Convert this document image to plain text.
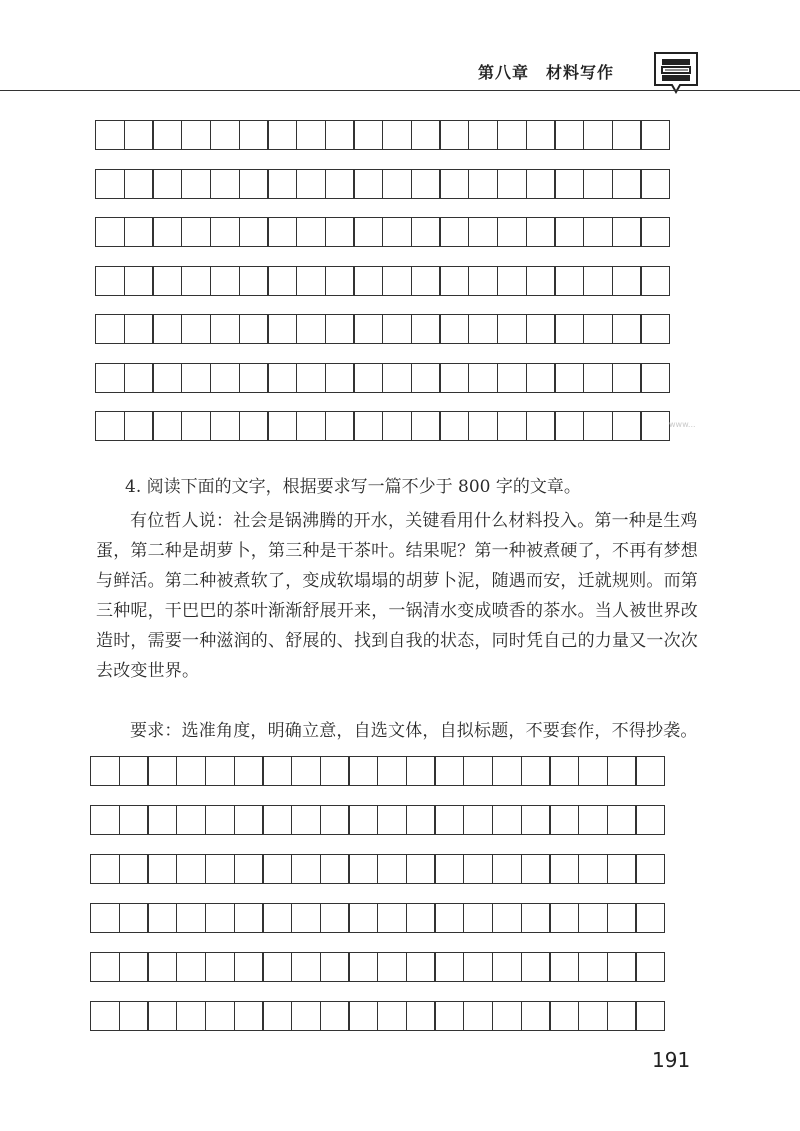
第八章　材料写作
www...
4. 阅读下面的文字，根据要求写一篇不少于 800 字的文章。
有位哲人说：社会是锅沸腾的开水，关键看用什么材料投入。第一种是生鸡蛋，第二种是胡萝卜，第三种是干茶叶。结果呢？第一种被煮硬了，不再有梦想与鲜活。第二种被煮软了，变成软塌塌的胡萝卜泥，随遇而安，迁就规则。而第三种呢，干巴巴的茶叶渐渐舒展开来，一锅清水变成喷香的茶水。当人被世界改造时，需要一种滋润的、舒展的、找到自我的状态，同时凭自己的力量又一次次去改变世界。
要求：选准角度，明确立意，自选文体，自拟标题，不要套作，不得抄袭。
191
